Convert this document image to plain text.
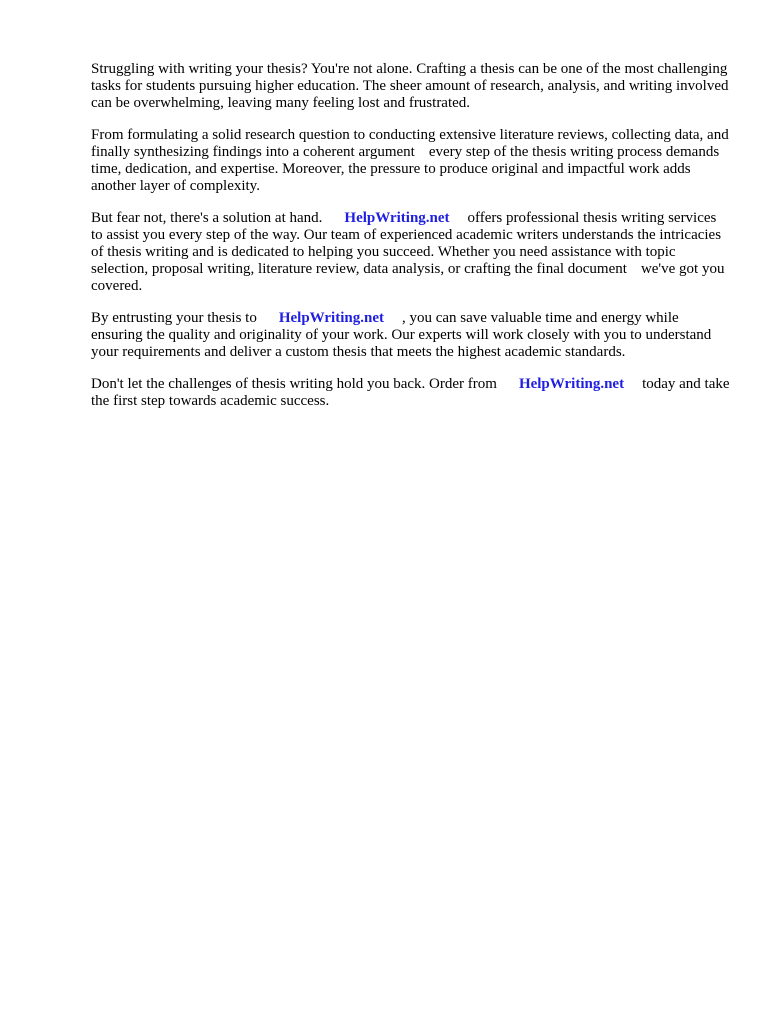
Struggling with writing your thesis? You're not alone. Crafting a thesis can be one of the most challenging tasks for students pursuing higher education. The sheer amount of research, analysis, and writing involved can be overwhelming, leaving many feeling lost and frustrated.

From formulating a solid research question to conducting extensive literature reviews, collecting data, and finally synthesizing findings into a coherent argument every step of the thesis writing process demands time, dedication, and expertise. Moreover, the pressure to produce original and impactful work adds another layer of complexity.

But fear not, there's a solution at hand. HelpWriting.net offers professional thesis writing services to assist you every step of the way. Our team of experienced academic writers understands the intricacies of thesis writing and is dedicated to helping you succeed. Whether you need assistance with topic selection, proposal writing, literature review, data analysis, or crafting the final document we've got you covered.

By entrusting your thesis to HelpWriting.net , you can save valuable time and energy while ensuring the quality and originality of your work. Our experts will work closely with you to understand your requirements and deliver a custom thesis that meets the highest academic standards.

Don't let the challenges of thesis writing hold you back. Order from HelpWriting.net today and take the first step towards academic success.
